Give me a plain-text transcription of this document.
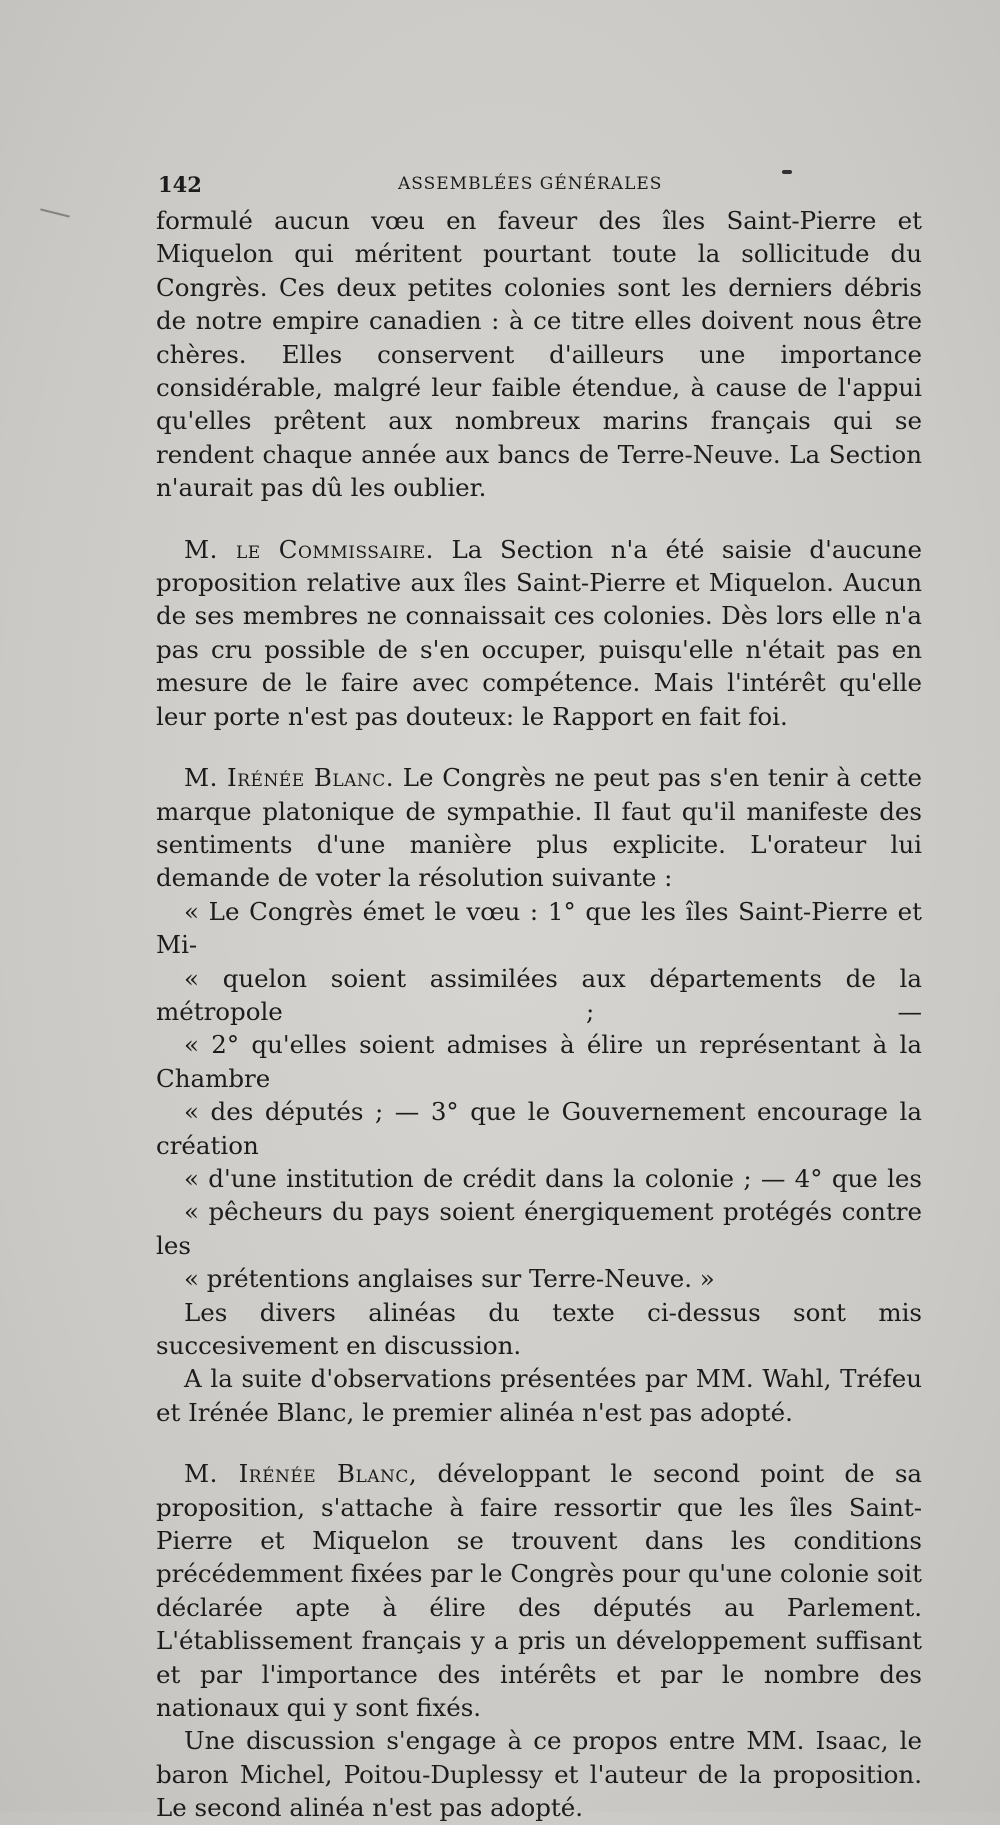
142	ASSEMBLÉES GÉNÉRALES

formulé aucun vœu en faveur des îles Saint-Pierre et Miquelon qui méritent pourtant toute la sollicitude du Congrès. Ces deux petites colonies sont les derniers débris de notre empire canadien : à ce titre elles doivent nous être chères. Elles conservent d'ailleurs une importance considérable, malgré leur faible étendue, à cause de l'appui qu'elles prêtent aux nombreux marins français qui se rendent chaque année aux bancs de Terre-Neuve. La Section n'aurait pas dû les oublier.

M. le Commissaire. La Section n'a été saisie d'aucune proposition relative aux îles Saint-Pierre et Miquelon. Aucun de ses membres ne connaissait ces colonies. Dès lors elle n'a pas cru possible de s'en occuper, puisqu'elle n'était pas en mesure de le faire avec compétence. Mais l'intérêt qu'elle leur porte n'est pas douteux: le Rapport en fait foi.

M. Irénée Blanc. Le Congrès ne peut pas s'en tenir à cette marque platonique de sympathie. Il faut qu'il manifeste des sentiments d'une manière plus explicite. L'orateur lui demande de voter la résolution suivante :

« Le Congrès émet le vœu : 1° que les îles Saint-Pierre et Mi-
« quelon soient assimilées aux départements de la métropole ; —
« 2° qu'elles soient admises à élire un représentant à la Chambre
« des députés ; — 3° que le Gouvernement encourage la création
« d'une institution de crédit dans la colonie ; — 4° que les
« pêcheurs du pays soient énergiquement protégés contre les
« prétentions anglaises sur Terre-Neuve. »

Les divers alinéas du texte ci-dessus sont mis succesivement en discussion.

A la suite d'observations présentées par MM. Wahl, Tréfeu et Irénée Blanc, le premier alinéa n'est pas adopté.

M. Irénée Blanc, développant le second point de sa proposition, s'attache à faire ressortir que les îles Saint-Pierre et Miquelon se trouvent dans les conditions précédemment fixées par le Congrès pour qu'une colonie soit déclarée apte à élire des députés au Parlement. L'établissement français y a pris un développement suffisant et par l'importance des intérêts et par le nombre des nationaux qui y sont fixés.

Une discussion s'engage à ce propos entre MM. Isaac, le baron Michel, Poitou-Duplessy et l'auteur de la proposition. Le second alinéa n'est pas adopté.
